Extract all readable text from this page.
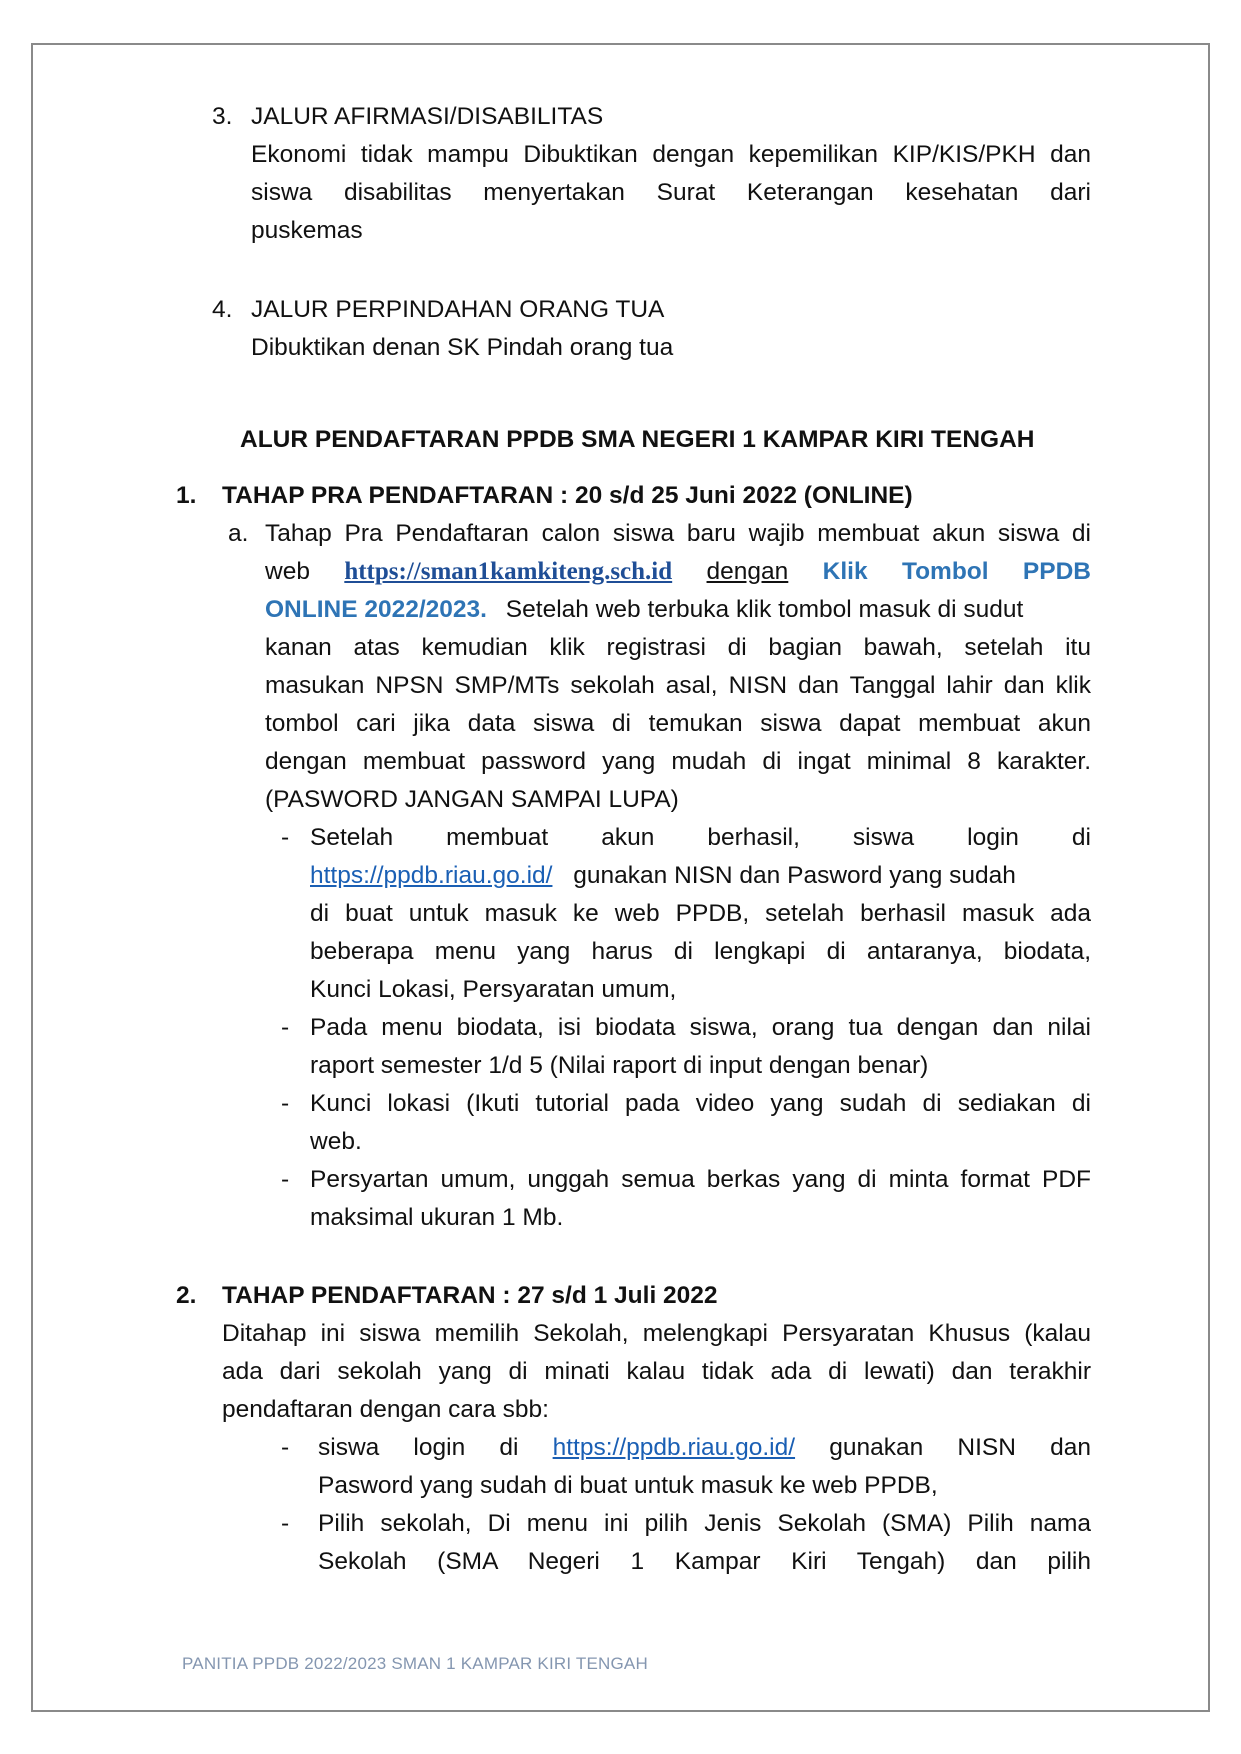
3. JALUR AFIRMASI/DISABILITAS
Ekonomi tidak mampu Dibuktikan dengan kepemilikan KIP/KIS/PKH dan
siswa disabilitas menyertakan Surat Keterangan kesehatan dari
puskemas
4. JALUR PERPINDAHAN ORANG TUA
Dibuktikan denan SK Pindah orang tua
ALUR PENDAFTARAN PPDB SMA NEGERI 1 KAMPAR KIRI TENGAH
1. TAHAP PRA PENDAFTARAN : 20 s/d 25 Juni 2022 (ONLINE)
a. Tahap Pra Pendaftaran calon siswa baru wajib membuat akun siswa di
web https://sman1kamkiteng.sch.id dengan Klik Tombol PPDB
ONLINE 2022/2023. Setelah web terbuka klik tombol masuk di sudut
kanan atas kemudian klik registrasi di bagian bawah, setelah itu
masukan NPSN SMP/MTs sekolah asal, NISN dan Tanggal lahir dan klik
tombol cari jika data siswa di temukan siswa dapat membuat akun
dengan membuat password yang mudah di ingat minimal 8 karakter.
(PASWORD JANGAN SAMPAI LUPA)
- Setelah membuat akun berhasil, siswa login di
https://ppdb.riau.go.id/ gunakan NISN dan Pasword yang sudah
di buat untuk masuk ke web PPDB, setelah berhasil masuk ada
beberapa menu yang harus di lengkapi di antaranya, biodata,
Kunci Lokasi, Persyaratan umum,
- Pada menu biodata, isi biodata siswa, orang tua dengan dan nilai
raport semester 1/d 5 (Nilai raport di input dengan benar)
- Kunci lokasi (Ikuti tutorial pada video yang sudah di sediakan di
web.
- Persyartan umum, unggah semua berkas yang di minta format PDF
maksimal ukuran 1 Mb.
2. TAHAP PENDAFTARAN : 27 s/d 1 Juli 2022
Ditahap ini siswa memilih Sekolah, melengkapi Persyaratan Khusus (kalau
ada dari sekolah yang di minati kalau tidak ada di lewati) dan terakhir
pendaftaran dengan cara sbb:
- siswa login di https://ppdb.riau.go.id/ gunakan NISN dan
Pasword yang sudah di buat untuk masuk ke web PPDB,
- Pilih sekolah, Di menu ini pilih Jenis Sekolah (SMA) Pilih nama
Sekolah (SMA Negeri 1 Kampar Kiri Tengah) dan pilih
PANITIA PPDB 2022/2023 SMAN 1 KAMPAR KIRI TENGAH
